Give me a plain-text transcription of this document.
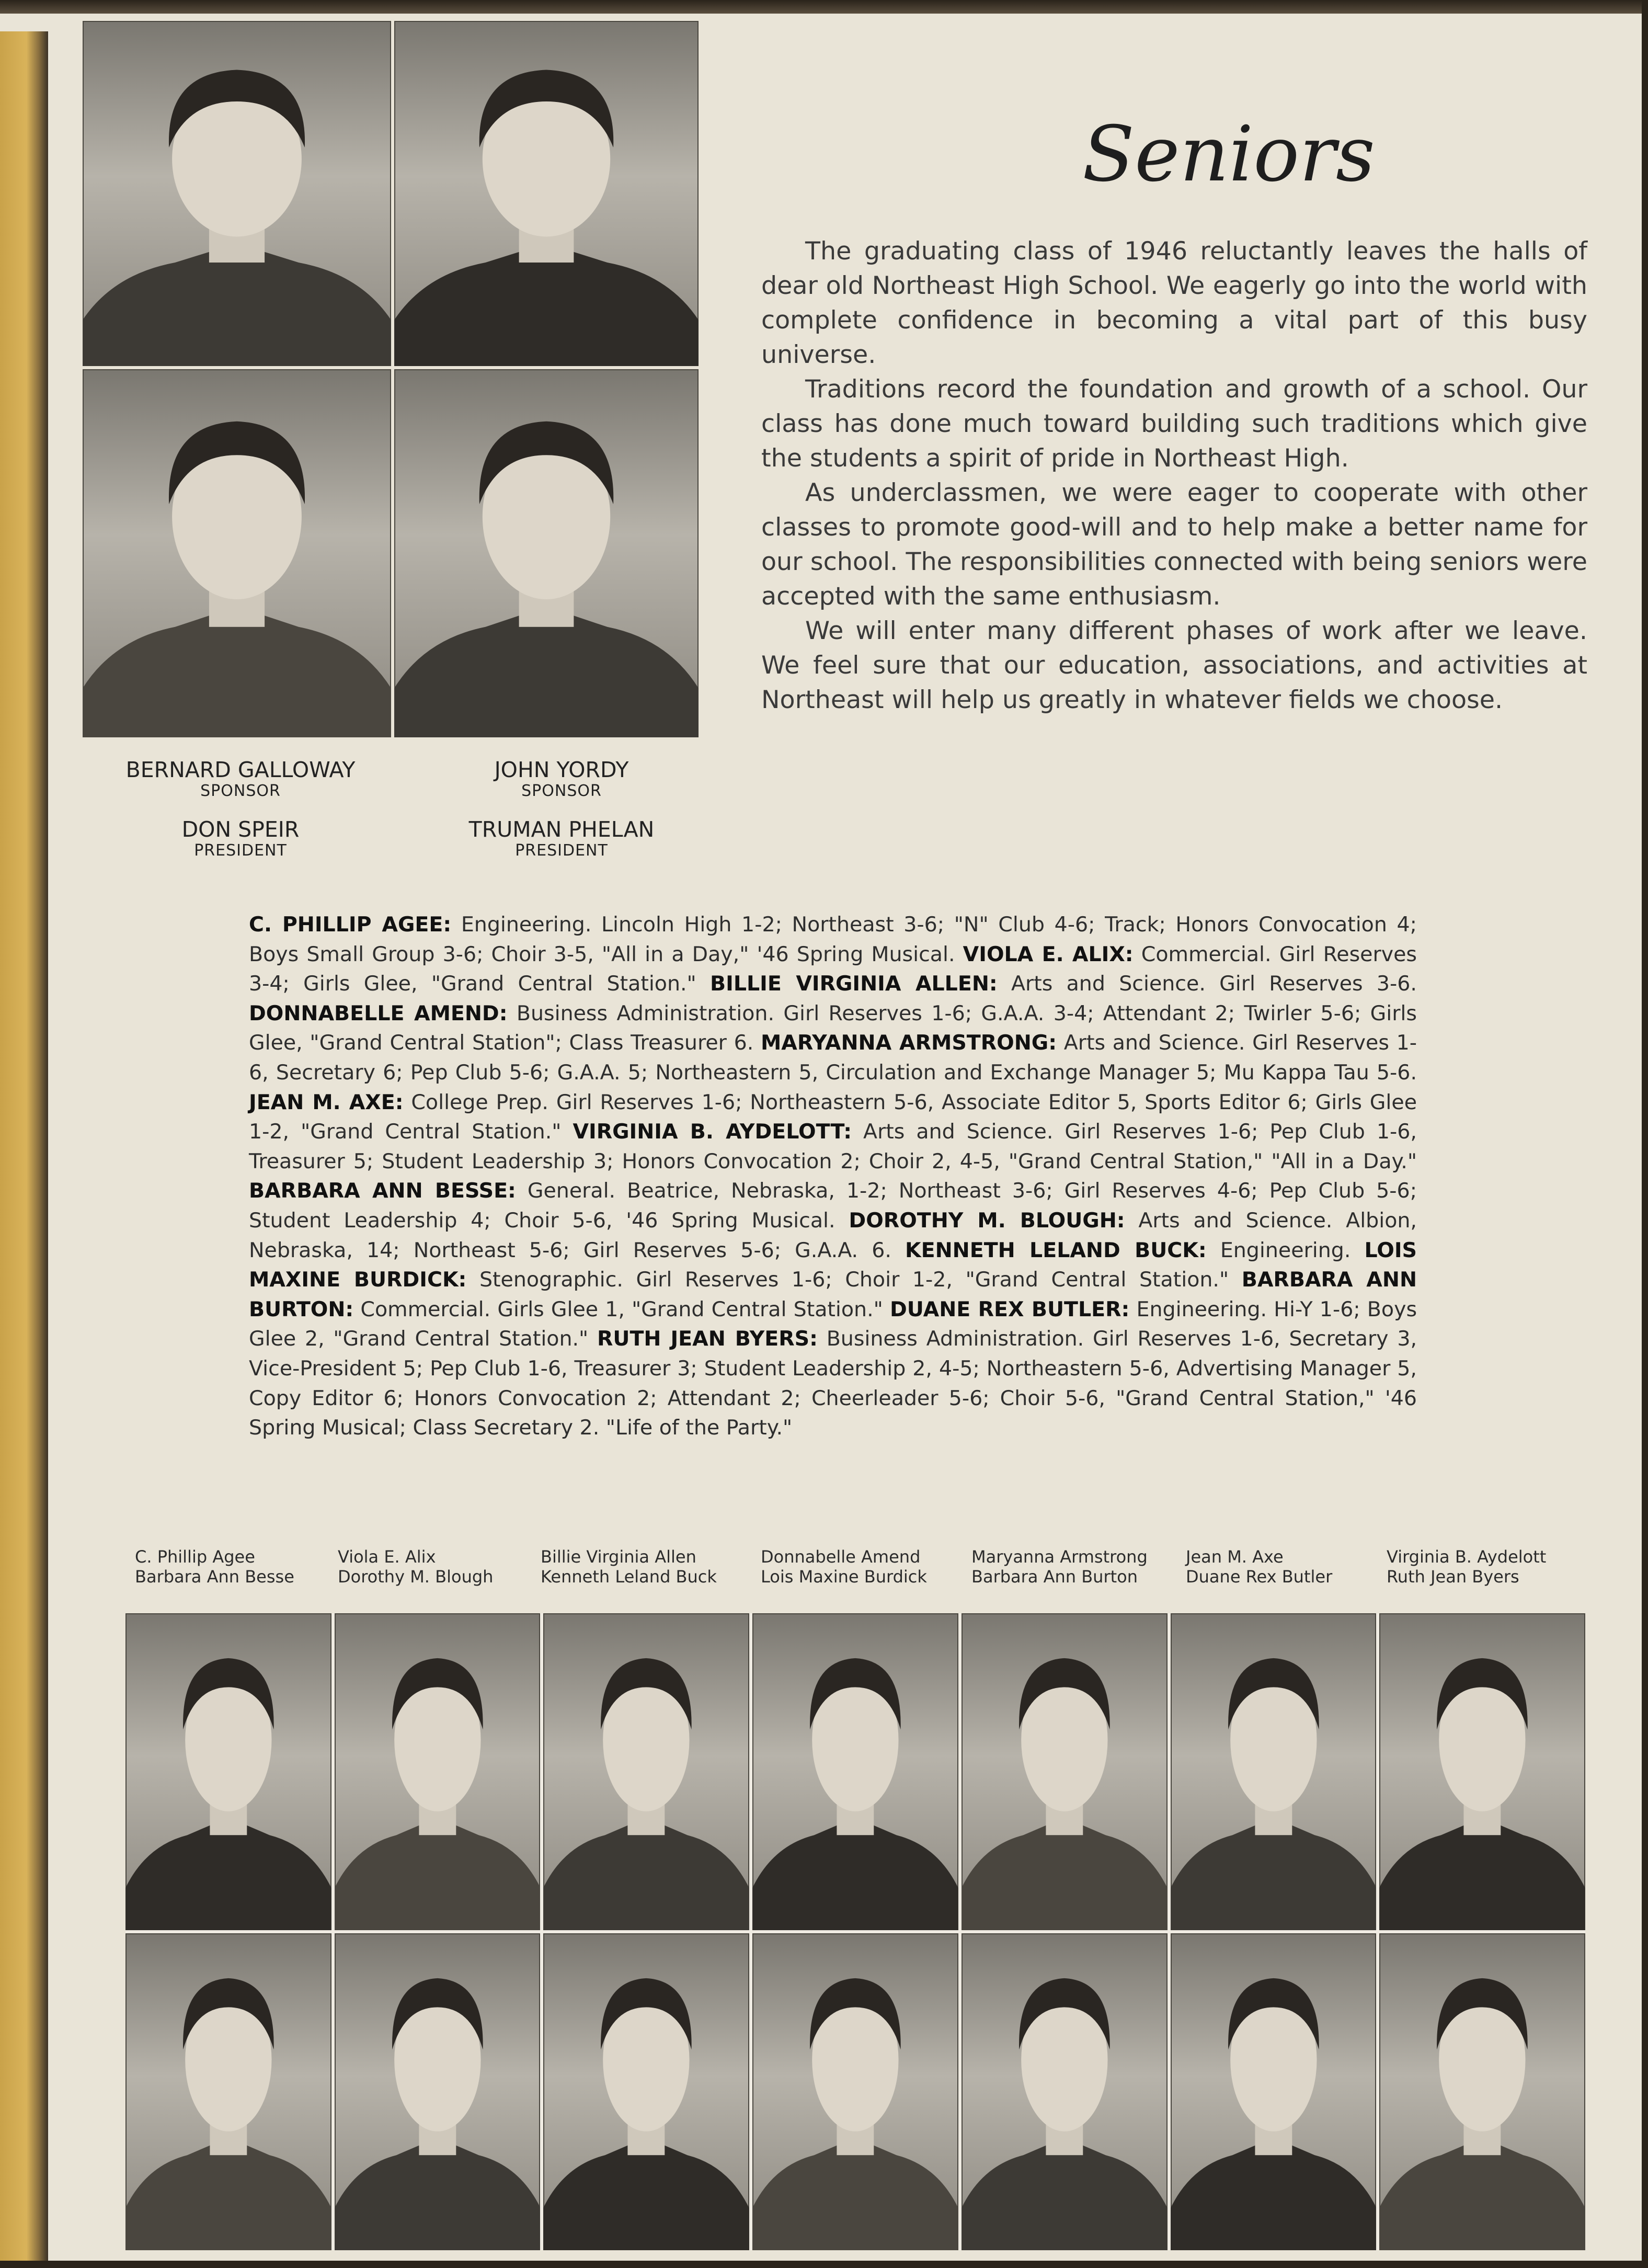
BERNARD GALLOWAY
SPONSOR
JOHN YORDY
SPONSOR
DON SPEIR
PRESIDENT
TRUMAN PHELAN
PRESIDENT
Seniors

The graduating class of 1946 reluctantly leaves the halls of dear old Northeast High School. We eagerly go into the world with complete confidence in becoming a vital part of this busy universe.

Traditions record the foundation and growth of a school. Our class has done much toward building such traditions which give the students a spirit of pride in Northeast High.

As underclassmen, we were eager to cooperate with other classes to promote good-will and to help make a better name for our school. The responsibilities connected with being seniors were accepted with the same enthusiasm.

We will enter many different phases of work after we leave. We feel sure that our education, associations, and activities at Northeast will help us greatly in whatever fields we choose.

C. PHILLIP AGEE: Engineering. Lincoln High 1-2; Northeast 3-6; "N" Club 4-6; Track; Honors Convocation 4; Boys Small Group 3-6; Choir 3-5, "All in a Day," '46 Spring Musical. VIOLA E. ALIX: Commercial. Girl Reserves 3-4; Girls Glee, "Grand Central Station." BILLIE VIRGINIA ALLEN: Arts and Science. Girl Reserves 3-6. DONNABELLE AMEND: Business Administration. Girl Reserves 1-6; G.A.A. 3-4; Attendant 2; Twirler 5-6; Girls Glee, "Grand Central Station"; Class Treasurer 6. MARYANNA ARMSTRONG: Arts and Science. Girl Reserves 1-6, Secretary 6; Pep Club 5-6; G.A.A. 5; Northeastern 5, Circulation and Exchange Manager 5; Mu Kappa Tau 5-6. JEAN M. AXE: College Prep. Girl Reserves 1-6; Northeastern 5-6, Associate Editor 5, Sports Editor 6; Girls Glee 1-2, "Grand Central Station." VIRGINIA B. AYDELOTT: Arts and Science. Girl Reserves 1-6; Pep Club 1-6, Treasurer 5; Student Leadership 3; Honors Convocation 2; Choir 2, 4-5, "Grand Central Station," "All in a Day." BARBARA ANN BESSE: General. Beatrice, Nebraska, 1-2; Northeast 3-6; Girl Reserves 4-6; Pep Club 5-6; Student Leadership 4; Choir 5-6, '46 Spring Musical. DOROTHY M. BLOUGH: Arts and Science. Albion, Nebraska, 14; Northeast 5-6; Girl Reserves 5-6; G.A.A. 6. KENNETH LELAND BUCK: Engineering. LOIS MAXINE BURDICK: Stenographic. Girl Reserves 1-6; Choir 1-2, "Grand Central Station." BARBARA ANN BURTON: Commercial. Girls Glee 1, "Grand Central Station." DUANE REX BUTLER: Engineering. Hi-Y 1-6; Boys Glee 2, "Grand Central Station." RUTH JEAN BYERS: Business Administration. Girl Reserves 1-6, Secretary 3, Vice-President 5; Pep Club 1-6, Treasurer 3; Student Leadership 2, 4-5; Northeastern 5-6, Advertising Manager 5, Copy Editor 6; Honors Convocation 2; Attendant 2; Cheerleader 5-6; Choir 5-6, "Grand Central Station," '46 Spring Musical; Class Secretary 2. "Life of the Party."
C. Phillip Agee
Barbara Ann Besse
Viola E. Alix
Dorothy M. Blough
Billie Virginia Allen
Kenneth Leland Buck
Donnabelle Amend
Lois Maxine Burdick
Maryanna Armstrong
Barbara Ann Burton
Jean M. Axe
Duane Rex Butler
Virginia B. Aydelott
Ruth Jean Byers
